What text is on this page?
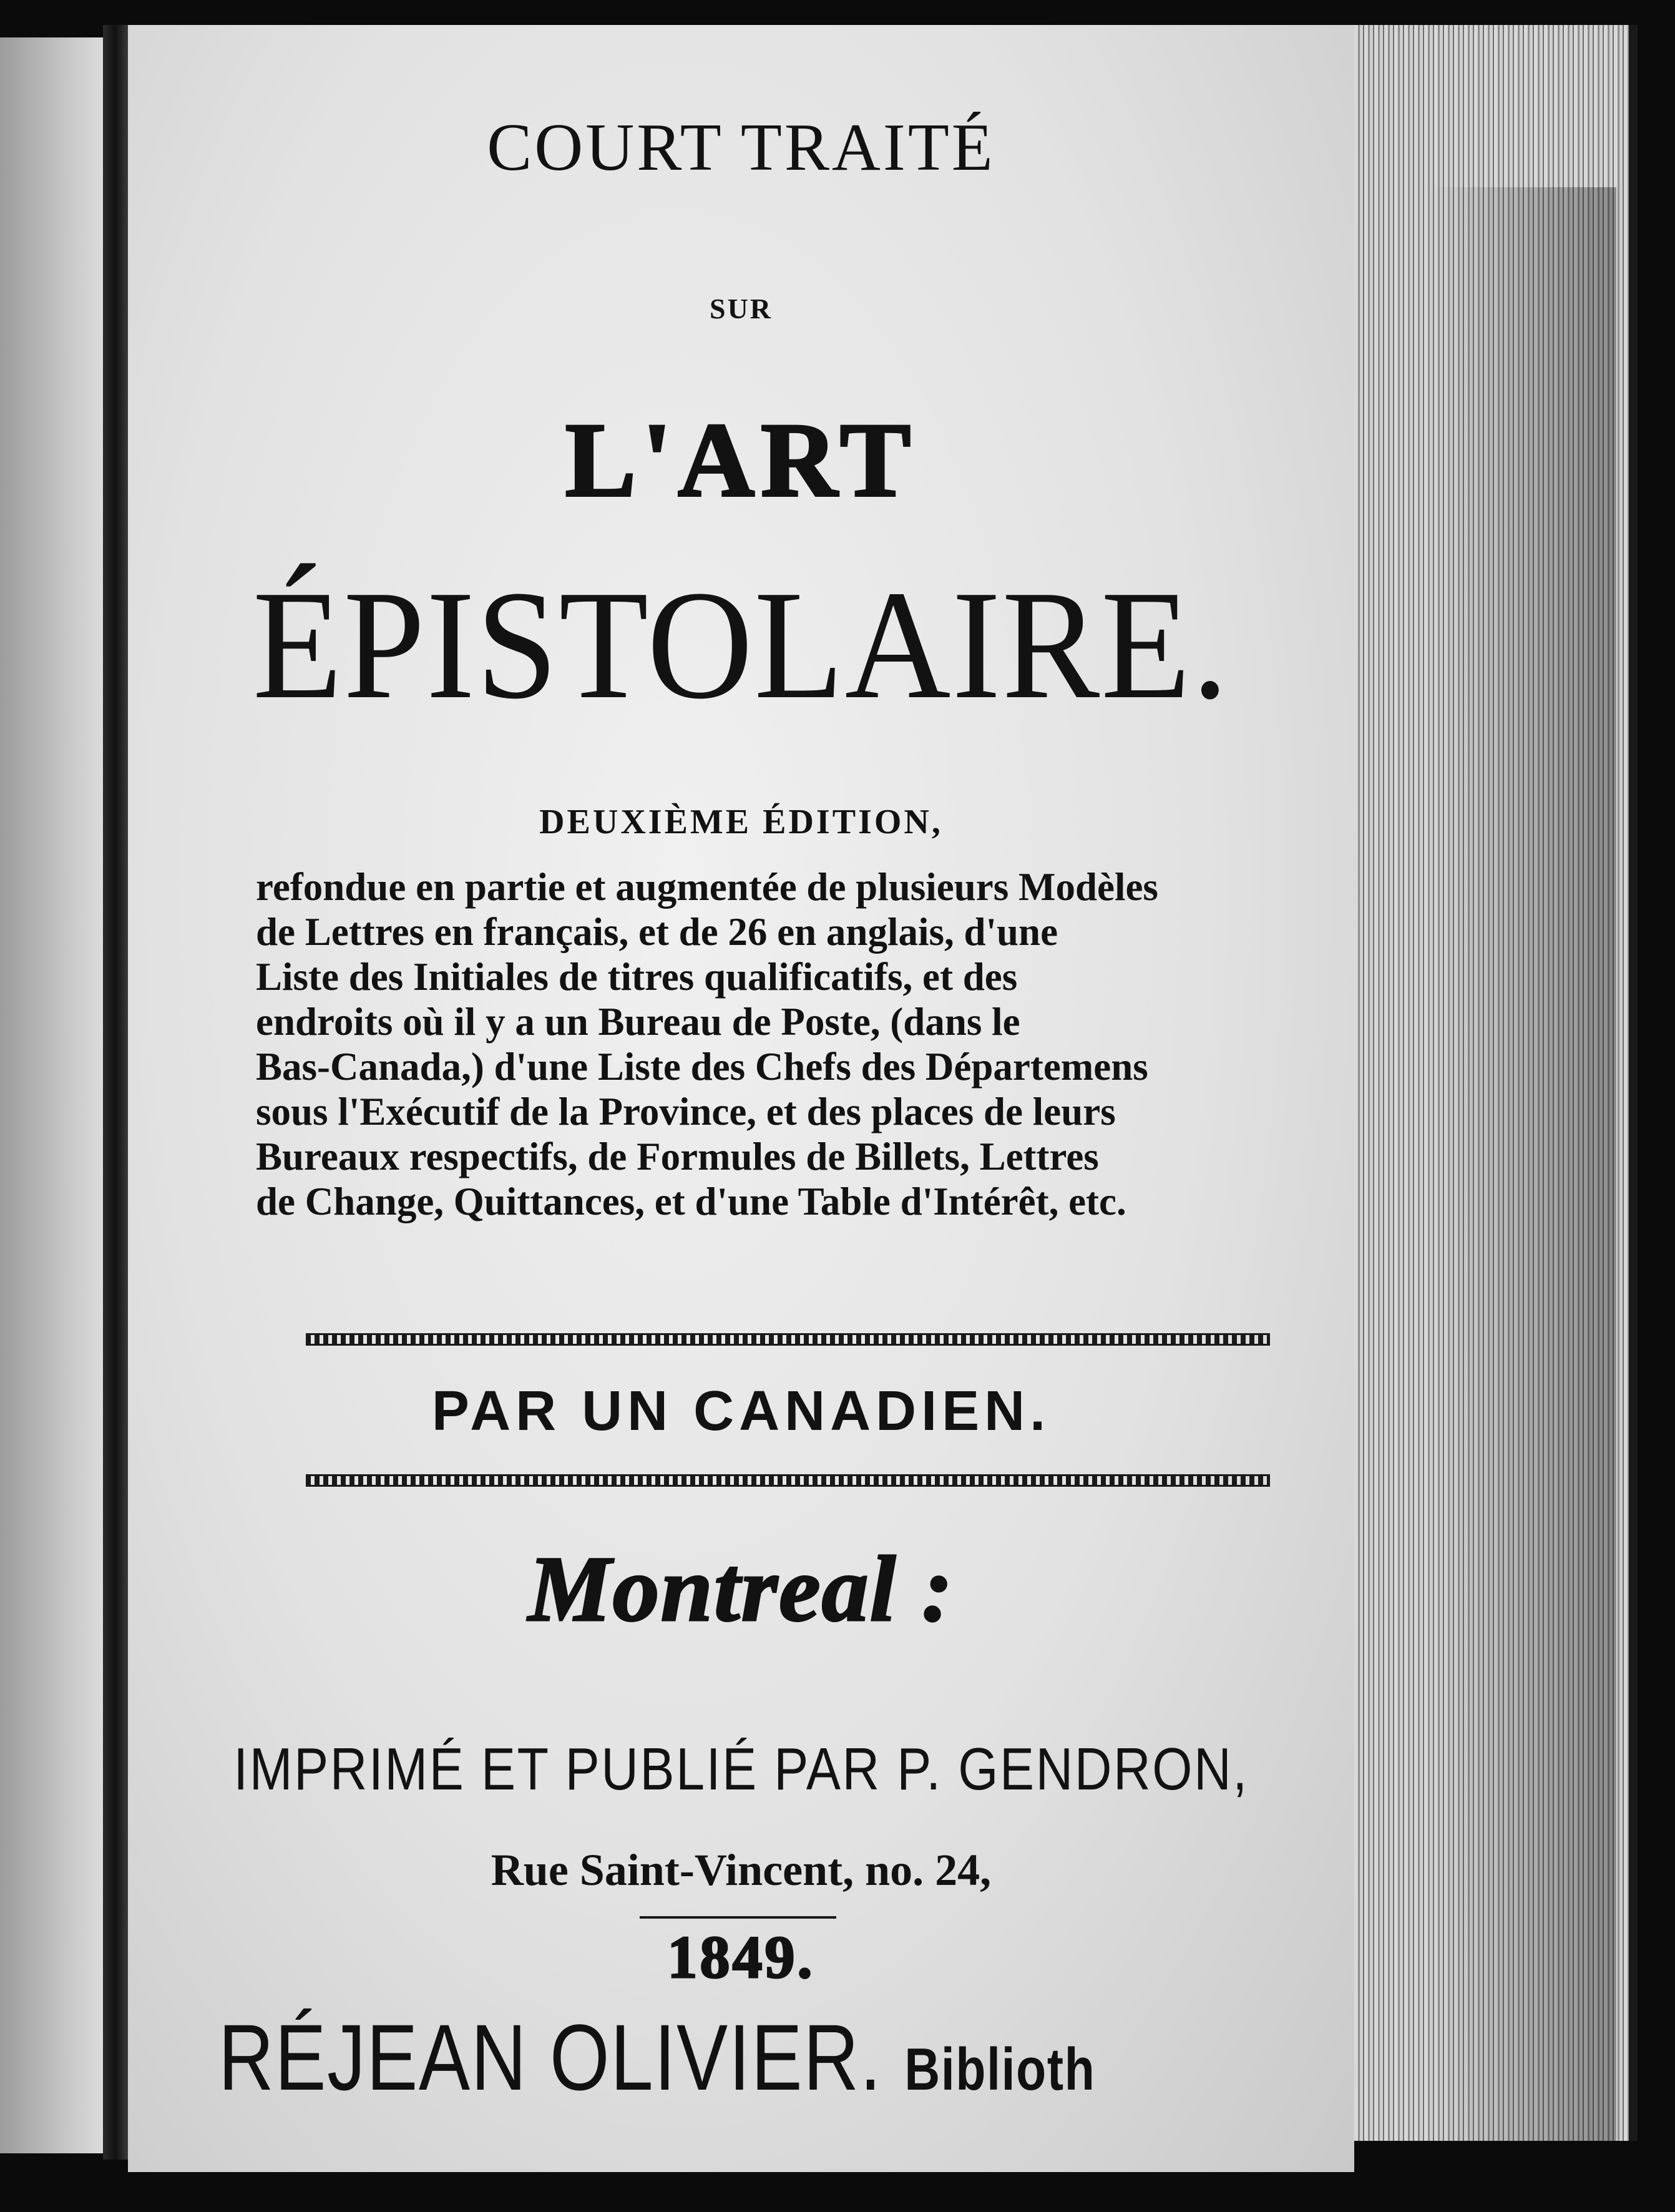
COURT TRAITÉ
SUR
L'ART
ÉPISTOLAIRE.
DEUXIÈME ÉDITION,
refondue en partie et augmentée de plusieurs Modèles
de Lettres en français, et de 26 en anglais, d'une
Liste des Initiales de titres qualificatifs, et des
endroits où il y a un Bureau de Poste, (dans le
Bas-Canada,) d'une Liste des Chefs des Départemens
sous l'Exécutif de la Province, et des places de leurs
Bureaux respectifs, de Formules de Billets, Lettres
de Change, Quittances, et d'une Table d'Intérêt, etc.
PAR UN CANADIEN.
Montreal :
IMPRIMÉ ET PUBLIÉ PAR P. GENDRON,
Rue Saint-Vincent, no. 24,
1849.
RÉJEAN OLIVIER. Biblioth
